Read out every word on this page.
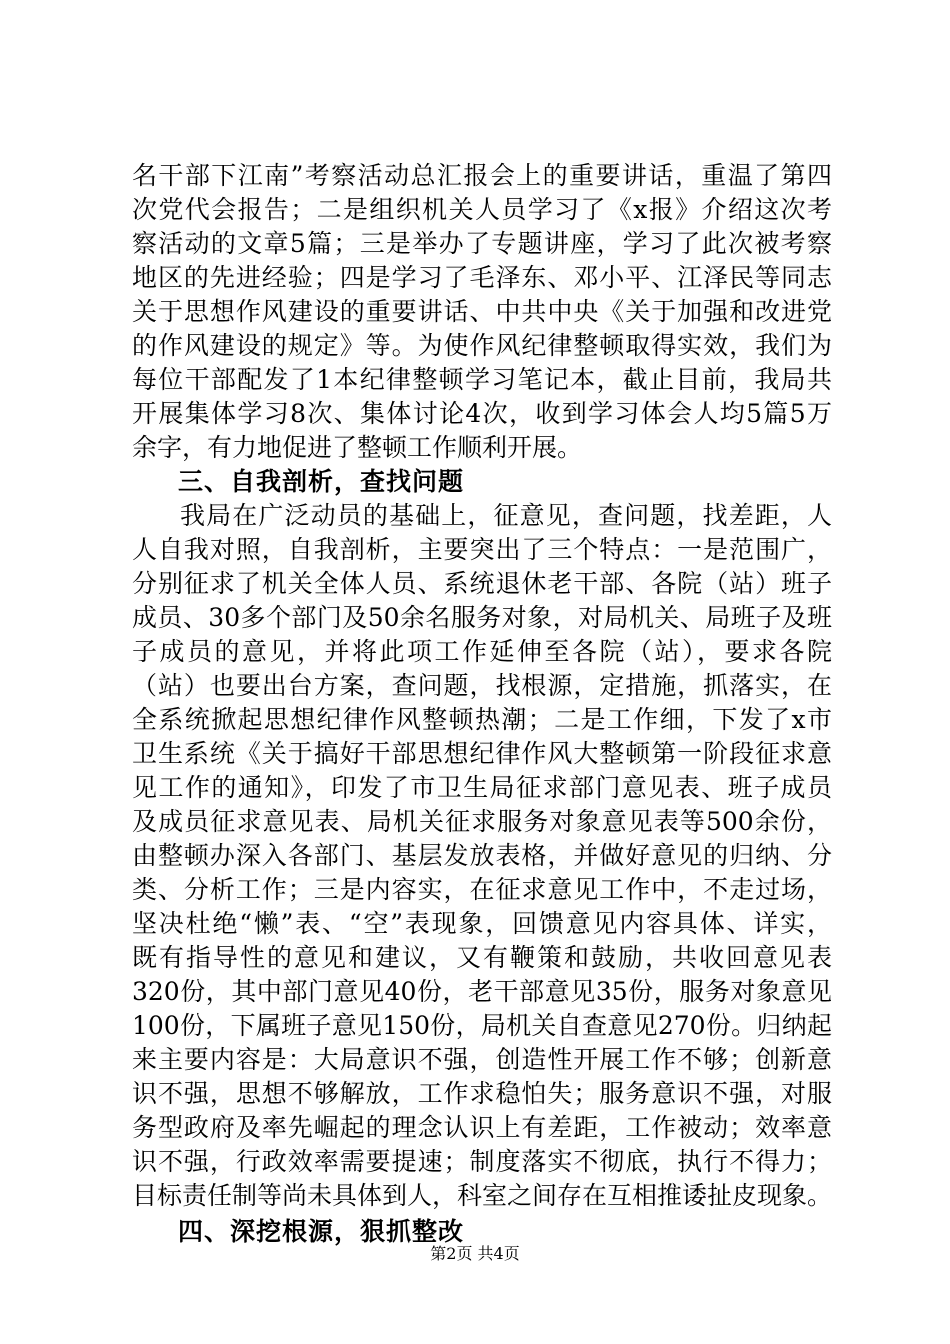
名干部下江南”考察活动总汇报会上的重要讲话，重温了第四
次党代会报告；二是组织机关人员学习了《x报》介绍这次考
察活动的文章5篇；三是举办了专题讲座，学习了此次被考察
地区的先进经验；四是学习了毛泽东、邓小平、江泽民等同志
关于思想作风建设的重要讲话、中共中央《关于加强和改进党
的作风建设的规定》等。为使作风纪律整顿取得实效，我们为
每位干部配发了1本纪律整顿学习笔记本，截止目前，我局共
开展集体学习8次、集体讨论4次，收到学习体会人均5篇5万
余字，有力地促进了整顿工作顺利开展。
三、自我剖析，查找问题
我局在广泛动员的基础上，征意见，查问题，找差距，人
人自我对照，自我剖析，主要突出了三个特点：一是范围广，
分别征求了机关全体人员、系统退休老干部、各院（站）班子
成员、30多个部门及50余名服务对象，对局机关、局班子及班
子成员的意见，并将此项工作延伸至各院（站），要求各院
（站）也要出台方案，查问题，找根源，定措施，抓落实，在
全系统掀起思想纪律作风整顿热潮；二是工作细，下发了x市
卫生系统《关于搞好干部思想纪律作风大整顿第一阶段征求意
见工作的通知》，印发了市卫生局征求部门意见表、班子成员
及成员征求意见表、局机关征求服务对象意见表等500余份，
由整顿办深入各部门、基层发放表格，并做好意见的归纳、分
类、分析工作；三是内容实，在征求意见工作中，不走过场，
坚决杜绝“懒”表、“空”表现象，回馈意见内容具体、详实，
既有指导性的意见和建议，又有鞭策和鼓励，共收回意见表
320份，其中部门意见40份，老干部意见35份，服务对象意见
100份，下属班子意见150份，局机关自查意见270份。归纳起
来主要内容是：大局意识不强，创造性开展工作不够；创新意
识不强，思想不够解放，工作求稳怕失；服务意识不强，对服
务型政府及率先崛起的理念认识上有差距，工作被动；效率意
识不强，行政效率需要提速；制度落实不彻底，执行不得力；
目标责任制等尚未具体到人，科室之间存在互相推诿扯皮现象。
四、深挖根源，狠抓整改
第2页 共4页
